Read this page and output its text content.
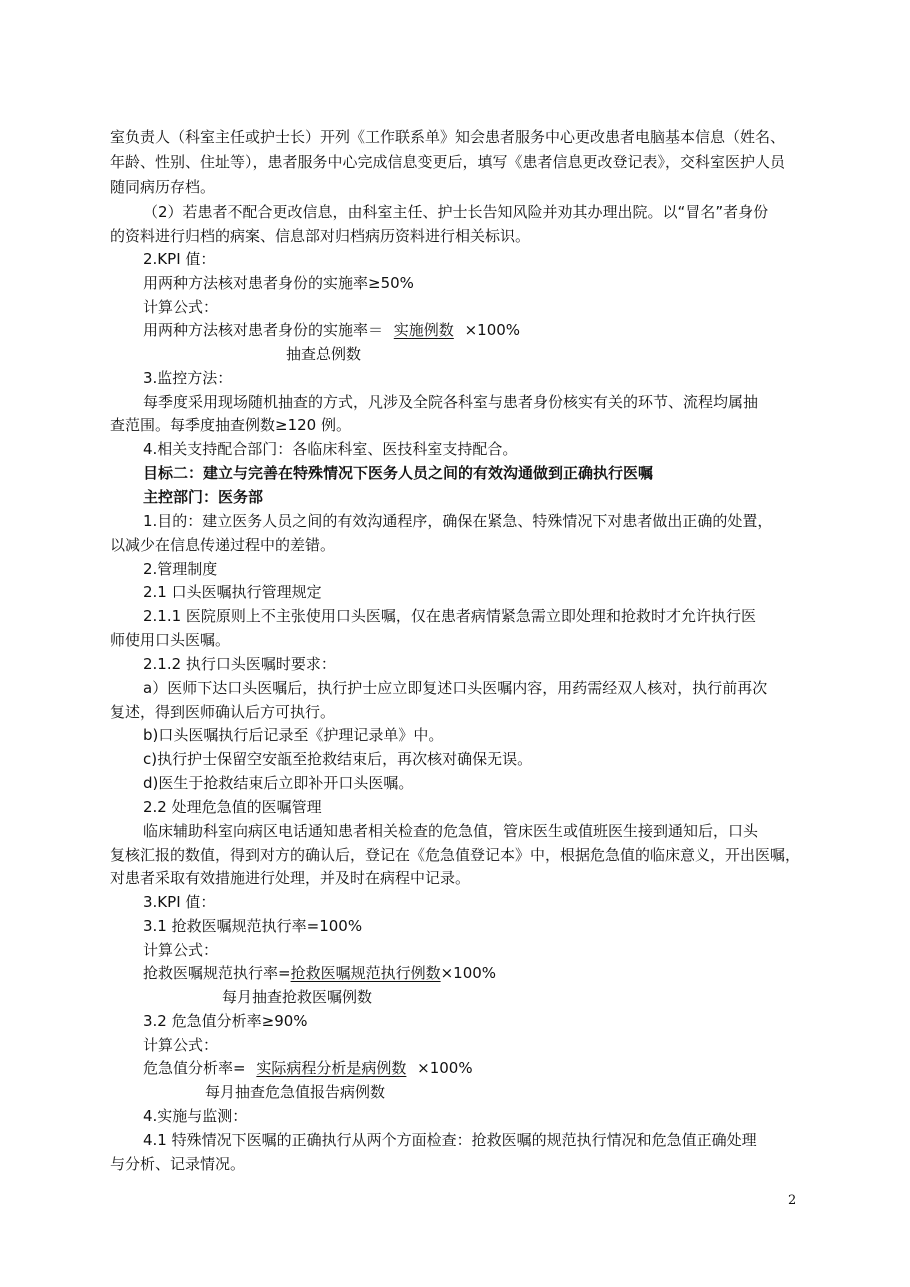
室负责人（科室主任或护士长）开列《工作联系单》知会患者服务中心更改患者电脑基本信息（姓名、
年龄、性别、住址等），患者服务中心完成信息变更后，填写《患者信息更改登记表》，交科室医护人员
随同病历存档。
（2）若患者不配合更改信息，由科室主任、护士长告知风险并劝其办理出院。以“冒名”者身份
的资料进行归档的病案、信息部对归档病历资料进行相关标识。
2.KPI 值：
用两种方法核对患者身份的实施率≥50%
计算公式：
用两种方法核对患者身份的实施率＝ 实施例数 ×100%
抽查总例数
3.监控方法：
每季度采用现场随机抽查的方式，凡涉及全院各科室与患者身份核实有关的环节、流程均属抽
查范围。每季度抽查例数≥120 例。
4.相关支持配合部门：各临床科室、医技科室支持配合。
目标二：建立与完善在特殊情况下医务人员之间的有效沟通做到正确执行医嘱
主控部门：医务部
1.目的：建立医务人员之间的有效沟通程序，确保在紧急、特殊情况下对患者做出正确的处置，
以减少在信息传递过程中的差错。
2.管理制度
2.1 口头医嘱执行管理规定
2.1.1 医院原则上不主张使用口头医嘱，仅在患者病情紧急需立即处理和抢救时才允许执行医
师使用口头医嘱。
2.1.2 执行口头医嘱时要求：
a）医师下达口头医嘱后，执行护士应立即复述口头医嘱内容，用药需经双人核对，执行前再次
复述，得到医师确认后方可执行。
b)口头医嘱执行后记录至《护理记录单》中。
c)执行护士保留空安瓿至抢救结束后，再次核对确保无误。
d)医生于抢救结束后立即补开口头医嘱。
2.2 处理危急值的医嘱管理
临床辅助科室向病区电话通知患者相关检查的危急值，管床医生或值班医生接到通知后，口头
复核汇报的数值，得到对方的确认后，登记在《危急值登记本》中，根据危急值的临床意义，开出医嘱，
对患者采取有效措施进行处理，并及时在病程中记录。
3.KPI 值：
3.1 抢救医嘱规范执行率=100%
计算公式：
抢救医嘱规范执行率=抢救医嘱规范执行例数×100%
每月抽查抢救医嘱例数
3.2 危急值分析率≥90%
计算公式：
危急值分析率= 实际病程分析是病例数 ×100%
每月抽查危急值报告病例数
4.实施与监测：
4.1 特殊情况下医嘱的正确执行从两个方面检查：抢救医嘱的规范执行情况和危急值正确处理
与分析、记录情况。
2
